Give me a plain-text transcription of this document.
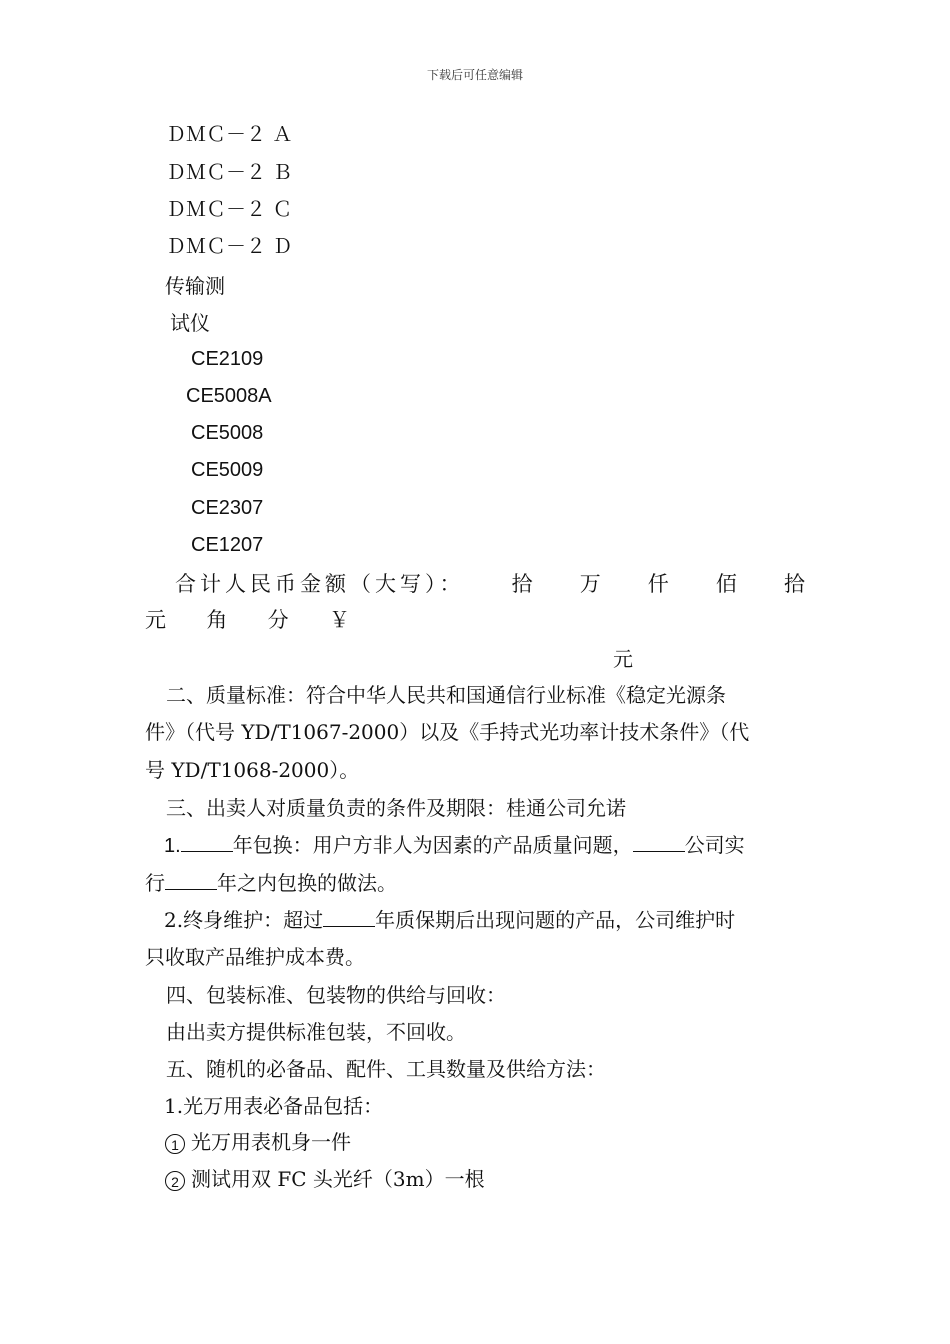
下载后可任意编辑
ＤＭＣ－２ Ａ
ＤＭＣ－２ Ｂ
ＤＭＣ－２ Ｃ
ＤＭＣ－２ Ｄ
传输测
试仪
CE2109
CE5008A
CE5008
CE5009
CE2307
CE1207
合计人民币金额（大写）： 拾 万 仟 佰 拾
元 角 分 ￥
元
二、质量标准：符合中华人民共和国通信行业标准《稳定光源条
件》（代号 YD/T1067-2000）以及《手持式光功率计技术条件》（代
号 YD/T1068-2000）。
三、出卖人对质量负责的条件及期限：桂通公司允诺
1.	年包换：用户方非人为因素的产品质量问题，	公司实
行	年之内包换的做法。
2.终身维护：超过	年质保期后出现问题的产品，公司维护时
只收取产品维护成本费。
四、包装标准、包装物的供给与回收：
由出卖方提供标准包装，不回收。
五、随机的必备品、配件、工具数量及供给方法：
1.光万用表必备品包括：
1 光万用表机身一件
2 测试用双 FC 头光纤（3m）一根
